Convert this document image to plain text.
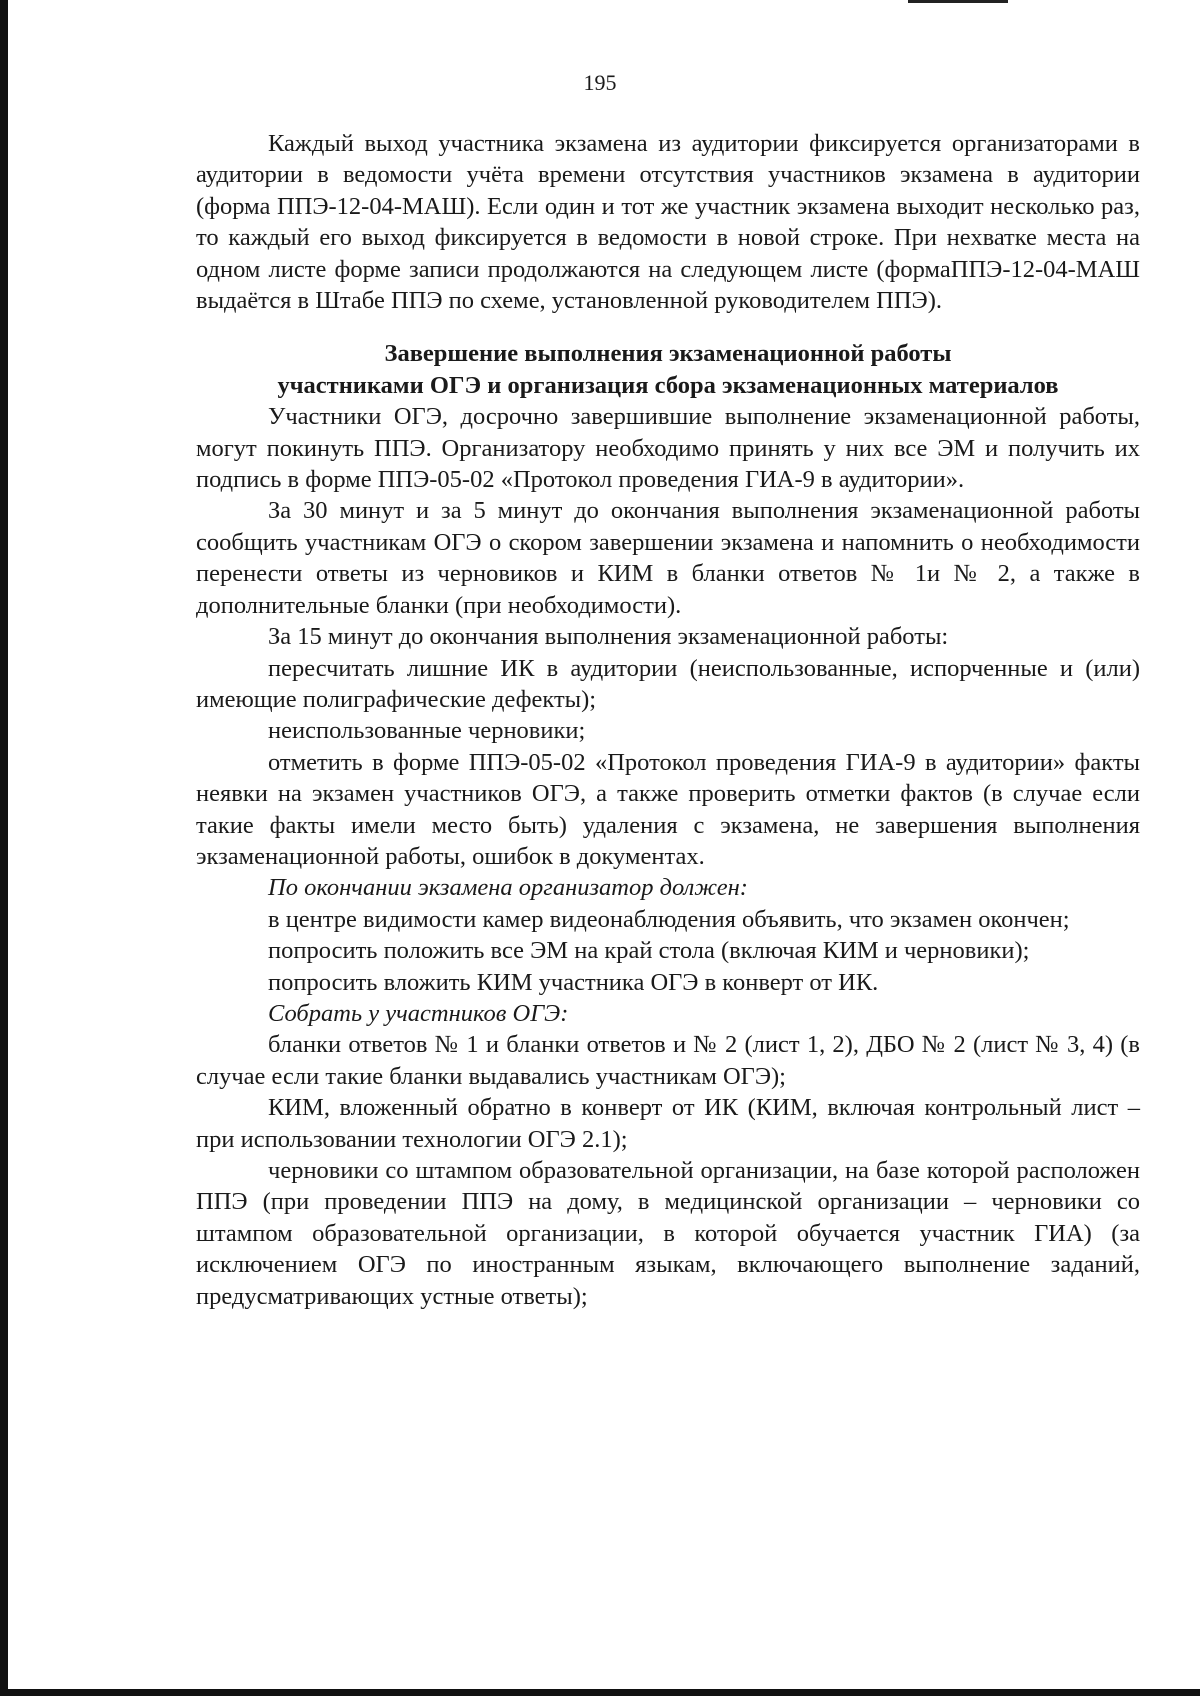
195

Каждый выход участника экзамена из аудитории фиксируется организаторами в аудитории в ведомости учёта времени отсутствия участников экзамена в аудитории (форма ППЭ-12-04-МАШ). Если один и тот же участник экзамена выходит несколько раз, то каждый его выход фиксируется в ведомости в новой строке. При нехватке места на одном листе форме записи продолжаются на следующем листе (формаППЭ-12-04-МАШ выдаётся в Штабе ППЭ по схеме, установленной руководителем ППЭ).

Завершение выполнения экзаменационной работы
участниками ОГЭ и организация сбора экзаменационных материалов

Участники ОГЭ, досрочно завершившие выполнение экзаменационной работы, могут покинуть ППЭ. Организатору необходимо принять у них все ЭМ и получить их подпись в форме ППЭ-05-02 «Протокол проведения ГИА-9 в аудитории».

За 30 минут и за 5 минут до окончания выполнения экзаменационной работы сообщить участникам ОГЭ о скором завершении экзамена и напомнить о необходимости перенести ответы из черновиков и КИМ в бланки ответов № 1и № 2, а также в дополнительные бланки (при необходимости).

За 15 минут до окончания выполнения экзаменационной работы:

пересчитать лишние ИК в аудитории (неиспользованные, испорченные и (или) имеющие полиграфические дефекты);

неиспользованные черновики;

отметить в форме ППЭ-05-02 «Протокол проведения ГИА-9 в аудитории» факты неявки на экзамен участников ОГЭ, а также проверить отметки фактов (в случае если такие факты имели место быть) удаления с экзамена, не завершения выполнения экзаменационной работы, ошибок в документах.

По окончании экзамена организатор должен:

в центре видимости камер видеонаблюдения объявить, что экзамен окончен;

попросить положить все ЭМ на край стола (включая КИМ и черновики);

попросить вложить КИМ участника ОГЭ в конверт от ИК.

Собрать у участников ОГЭ:

бланки ответов № 1 и бланки ответов и № 2 (лист 1, 2), ДБО № 2 (лист № 3, 4) (в случае если такие бланки выдавались участникам ОГЭ);

КИМ, вложенный обратно в конверт от ИК (КИМ, включая контрольный лист – при использовании технологии ОГЭ 2.1);

черновики со штампом образовательной организации, на базе которой расположен ППЭ (при проведении ППЭ на дому, в медицинской организации – черновики со штампом образовательной организации, в которой обучается участник ГИА) (за исключением ОГЭ по иностранным языкам, включающего выполнение заданий, предусматривающих устные ответы);
